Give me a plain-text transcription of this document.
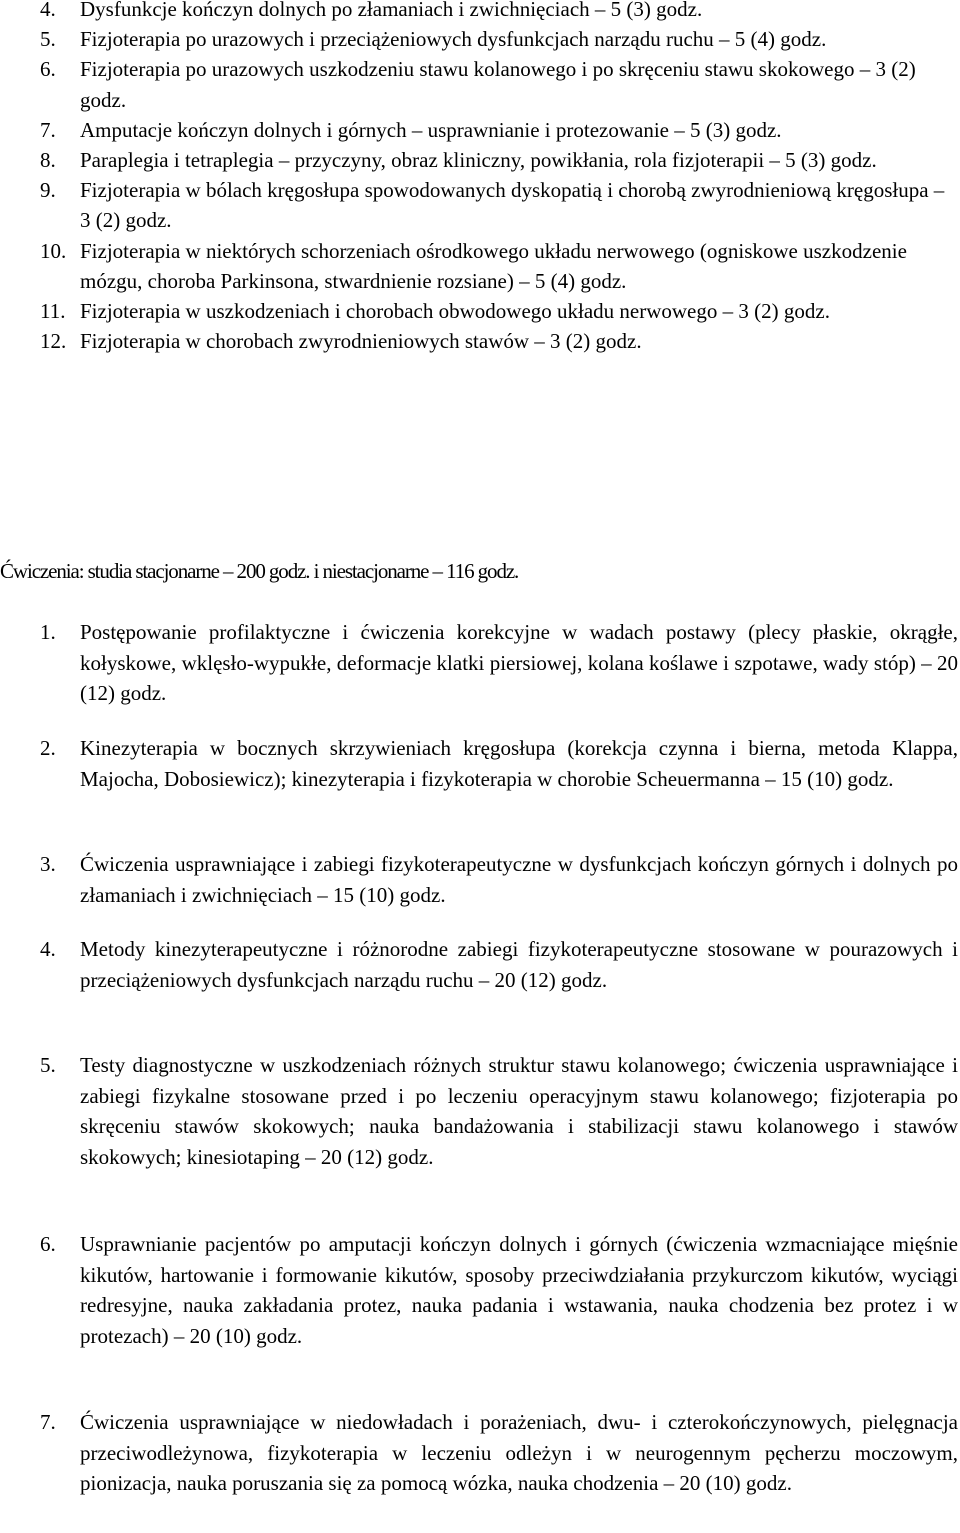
4.	Dysfunkcje kończyn dolnych po złamaniach i zwichnięciach – 5 (3) godz.
5.	Fizjoterapia po urazowych i przeciążeniowych dysfunkcjach narządu ruchu – 5 (4) godz.
6.	Fizjoterapia po urazowych uszkodzeniu stawu kolanowego i po skręceniu stawu skokowego – 3 (2) godz.
7.	Amputacje kończyn dolnych i górnych – usprawnianie i protezowanie – 5 (3) godz.
8.	Paraplegia i tetraplegia – przyczyny, obraz kliniczny, powikłania, rola fizjoterapii – 5 (3) godz.
9.	Fizjoterapia w bólach kręgosłupa spowodowanych dyskopatią i chorobą zwyrodnieniową kręgosłupa – 3 (2) godz.
10. Fizjoterapia w niektórych schorzeniach ośrodkowego układu nerwowego (ogniskowe uszkodzenie mózgu, choroba Parkinsona, stwardnienie rozsiane) – 5 (4) godz.
11. Fizjoterapia w uszkodzeniach i chorobach obwodowego układu nerwowego – 3 (2) godz.
12. Fizjoterapia w chorobach zwyrodnieniowych stawów – 3 (2) godz.
Ćwiczenia: studia stacjonarne – 200 godz. i niestacjonarne – 116 godz.
1.	Postępowanie profilaktyczne i ćwiczenia korekcyjne w wadach postawy (plecy płaskie, okrągłe, kołyskowe, wklęsło-wypukłe, deformacje klatki piersiowej, kolana koślawe i szpotawe, wady stóp) – 20 (12) godz.
2.	Kinezyterapia w bocznych skrzywieniach kręgosłupa (korekcja czynna i bierna, metoda Klappa, Majocha, Dobosiewicz); kinezyterapia i fizykoterapia w chorobie Scheuermanna – 15 (10) godz.
3.	Ćwiczenia usprawniające i zabiegi fizykoterapeutyczne w dysfunkcjach kończyn górnych i dolnych po złamaniach i zwichnięciach – 15 (10) godz.
4.	Metody kinezyterapeutyczne i różnorodne zabiegi fizykoterapeutyczne stosowane w pourazowych i przeciążeniowych dysfunkcjach narządu ruchu – 20 (12) godz.
5.	Testy diagnostyczne w uszkodzeniach różnych struktur stawu kolanowego; ćwiczenia usprawniające i zabiegi fizykalne stosowane przed i po leczeniu operacyjnym stawu kolanowego; fizjoterapia po skręceniu stawów skokowych; nauka bandażowania i stabilizacji stawu kolanowego i stawów skokowych; kinesiotaping – 20 (12) godz.
6.	Usprawnianie pacjentów po amputacji kończyn dolnych i górnych (ćwiczenia wzmacniające mięśnie kikutów, hartowanie i formowanie kikutów, sposoby przeciwdziałania przykurczom kikutów, wyciągi redresyjne, nauka zakładania protez, nauka padania i wstawania, nauka chodzenia bez protez i w protezach) – 20 (10) godz.
7.	Ćwiczenia usprawniające w niedowładach i porażeniach, dwu- i czterokończynowych, pielęgnacja przeciwodleżynowa, fizykoterapia w leczeniu odleżyn i w neurogennym pęcherzu moczowym, pionizacja, nauka poruszania się za pomocą wózka, nauka chodzenia – 20 (10) godz.
